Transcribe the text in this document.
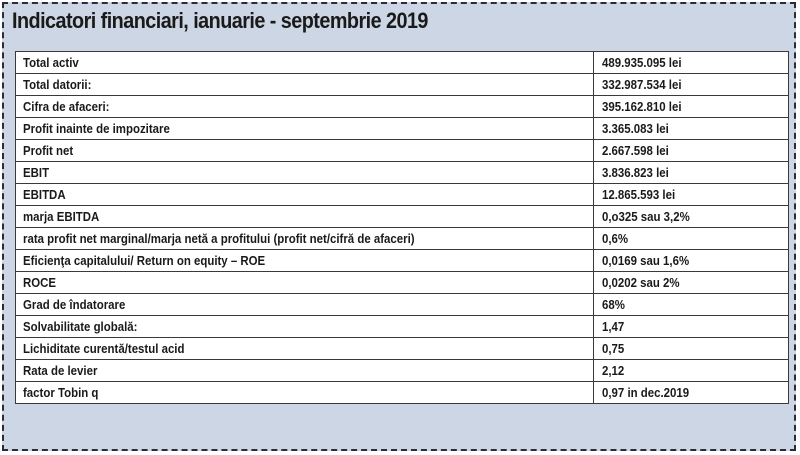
Indicatori financiari, ianuarie - septembrie 2019
Total activ	489.935.095 lei
Total datorii:	332.987.534 lei
Cifra de afaceri:	395.162.810 lei
Profit inainte de impozitare	3.365.083 lei
Profit net	2.667.598 lei
EBIT	3.836.823 lei
EBITDA	12.865.593 lei
marja EBITDA	0,o325 sau 3,2%
rata profit net marginal/marja netă a profitului (profit net/cifră de afaceri)	0,6%
Eficienţa capitalului/ Return on equity – ROE	0,0169 sau 1,6%
ROCE	0,0202 sau 2%
Grad de îndatorare	68%
Solvabilitate globală:	1,47
Lichiditate curentă/testul acid	0,75
Rata de levier	2,12
factor Tobin q	0,97 in dec.2019
